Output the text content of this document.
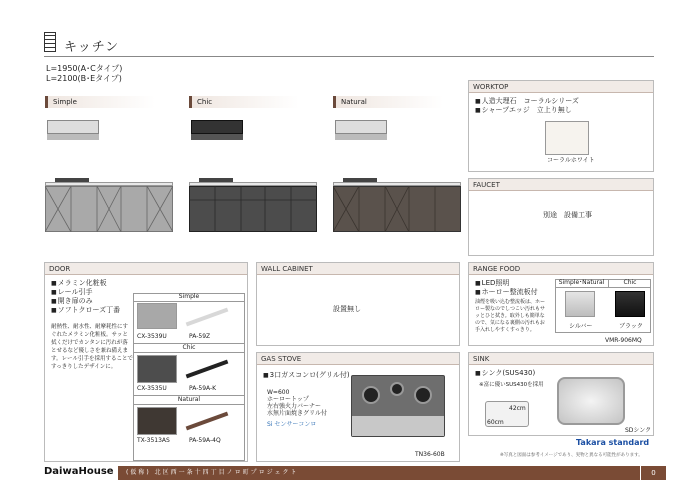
キッチン
L=1950(A･Cタイプ)
L=2100(B･Eタイプ)
Simple	Chic	Natural
WORKTOP
■ 人造大理石　コーラルシリーズ
■ シャープエッジ　立上り無し
コーラルホワイト
FAUCET
別途　設備工事
DOOR
■ メラミン化粧板
■ レール引手
■ 開き扉のみ
■ ソフトクローズ丁番
耐熱性、耐水性、耐摩耗性にすぐれたメラミン化粧板。サッと拭くだけでカンタンに汚れが落とせるなど優しさを兼ね備えます。レール引手を採用することですっきりしたデザインに。
Simple
CX-3539U	PA-59Z
Chic
CX-3535U	PA-59A-K
Natural
TX-3513AS	PA-59A-4Q
WALL CABINET
設置無し
GAS STOVE
■ 3口ガスコンロ(グリル付)
W=600
ホーロートップ
左右強火力バーナー
水無片面焼きグリル付
Si センサーコンロ
TN36-60B
RANGE FOOD
■ LED照明
■ ホーロー整流板付
油煙を吸い込む整流板は、ホーロー製なのでしつこい汚れもサッとひと拭き。取外しも簡単なので、気になる裏側の汚れもお手入れしやすくすっきり。
Simple･Natural	Chic
シルバー	ブラック
VMR-906MQ
SINK
■ シンク(SUS430)
※富に優いSUS430を採用
42cm
60cm
SDシンク
Takara standard
※写真と図面は参考イメージであり、実物と異なる可能性があります。
DaiwaHouse	(仮称) 北区西一条十四丁目ノロ町プロジェクト	0
